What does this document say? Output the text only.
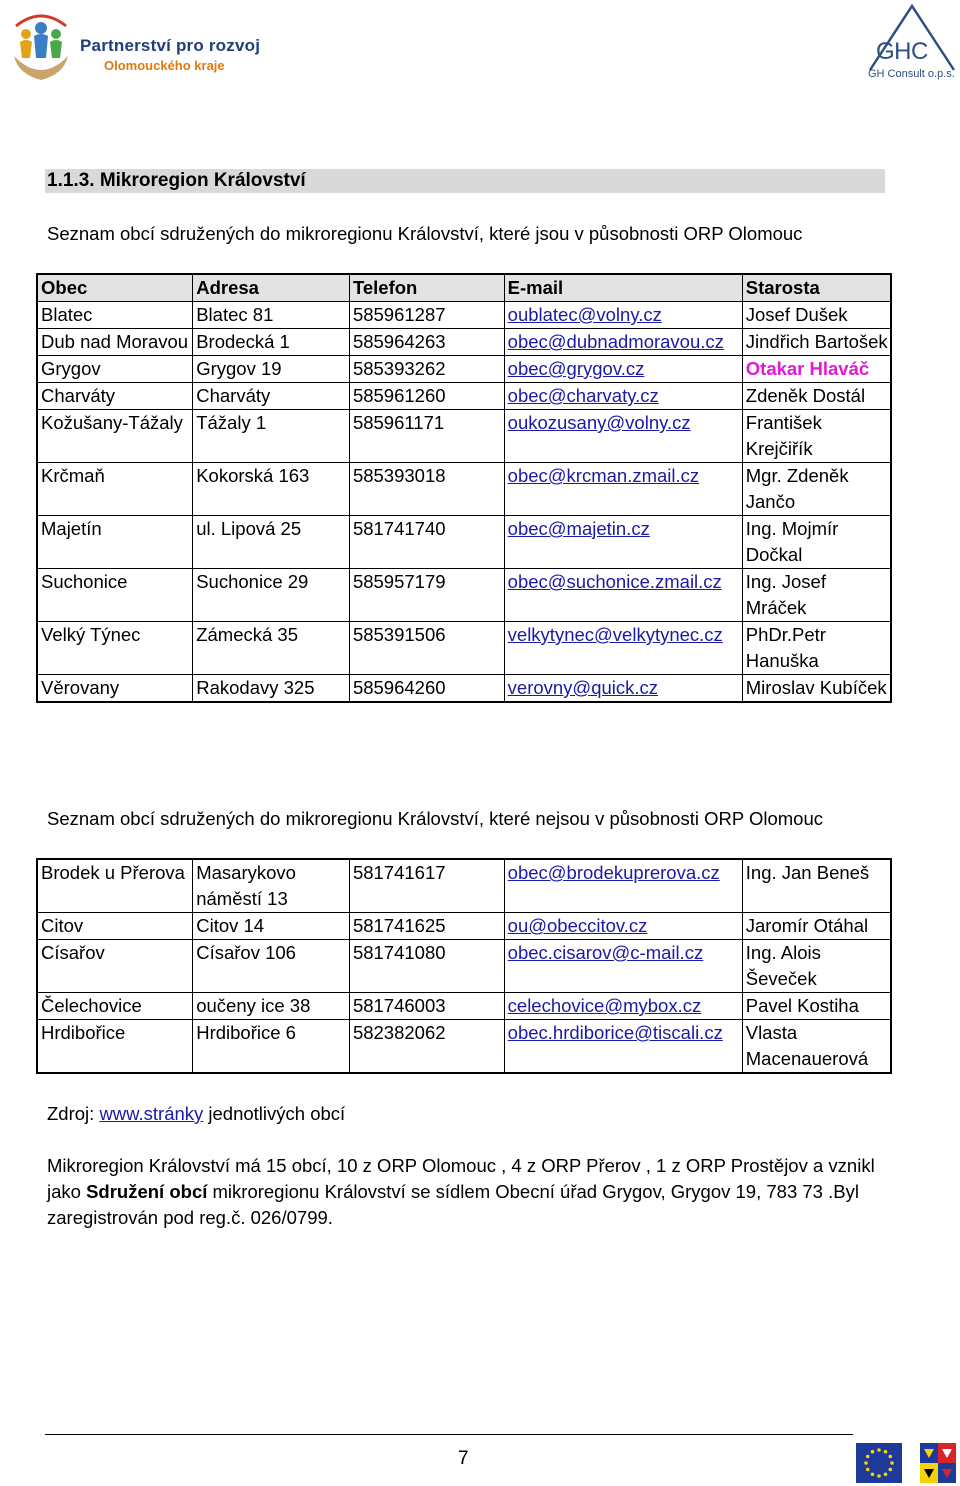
Partnerství pro rozvoj
Olomouckého kraje
GHC
GH Consult o.p.s.
1.1.3. Mikroregion Království
Seznam obcí sdružených do mikroregionu Království, které jsou v působnosti ORP Olomouc
Obec	Adresa	Telefon	E-mail	Starosta
Blatec	Blatec 81	585961287	oublatec@volny.cz	Josef Dušek
Dub nad Moravou	Brodecká 1	585964263	obec@dubnadmoravou.cz	Jindřich Bartošek
Grygov	Grygov 19	585393262	obec@grygov.cz	Otakar Hlaváč
Charváty	Charváty	585961260	obec@charvaty.cz	Zdeněk Dostál
Kožušany-Tážaly	Tážaly 1	585961171	oukozusany@volny.cz	František Krejčiřík
Krčmaň	Kokorská 163	585393018	obec@krcman.zmail.cz	Mgr. Zdeněk Jančo
Majetín	ul. Lipová 25	581741740	obec@majetin.cz	Ing. Mojmír Dočkal
Suchonice	Suchonice 29	585957179	obec@suchonice.zmail.cz	Ing. Josef Mráček
Velký Týnec	Zámecká 35	585391506	velkytynec@velkytynec.cz	PhDr.Petr Hanuška
Věrovany	Rakodavy 325	585964260	verovny@quick.cz	Miroslav Kubíček
Seznam obcí sdružených do mikroregionu Království, které nejsou v působnosti ORP Olomouc
Brodek u Přerova	Masarykovo náměstí 13	581741617	obec@brodekuprerova.cz	Ing. Jan Beneš
Citov	Citov 14	581741625	ou@obeccitov.cz	Jaromír Otáhal
Císařov	Císařov 106	581741080	obec.cisarov@c-mail.cz	Ing. Alois Ševeček
Čelechovice	oučeny ice 38	581746003	celechovice@mybox.cz	Pavel Kostiha
Hrdibořice	Hrdibořice 6	582382062	obec.hrdiborice@tiscali.cz	Vlasta Macenauerová
Zdroj: www.stránky jednotlivých obcí
Mikroregion Království má 15 obcí, 10 z ORP Olomouc , 4 z ORP Přerov , 1 z ORP Prostějov a vznikl jako Sdružení obcí mikroregionu Království se sídlem Obecní úřad Grygov, Grygov 19, 783 73 .Byl zaregistrován pod reg.č. 026/0799.
7
